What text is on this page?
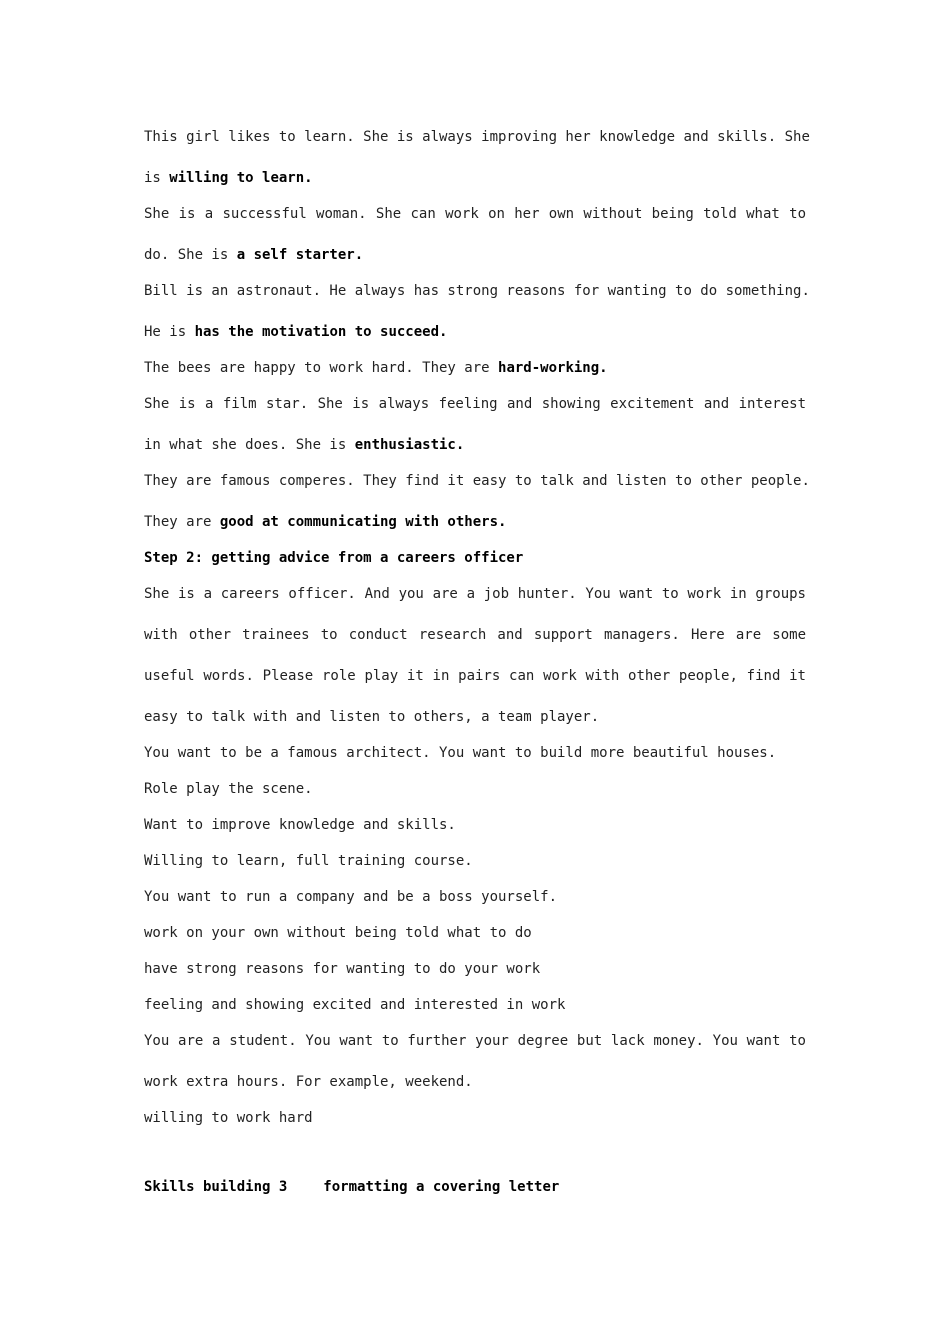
This girl likes to learn. She is always improving her knowledge and skills. She
is willing to learn.
She is a successful woman. She can work on her own without being told what to
do. She is a self starter.
Bill is an astronaut. He always has strong reasons for wanting to do something.
He is has the motivation to succeed.
The bees are happy to work hard. They are hard-working.
She is a film star. She is always feeling and showing excitement and interest
in what she does. She is enthusiastic.
They are famous comperes. They find it easy to talk and listen to other people.
They are good at communicating with others.
Step 2: getting advice from a careers officer
She is a careers officer. And you are a job hunter. You want to work in groups
with other trainees to conduct research and support managers. Here are some
useful words. Please role play it in pairs can work with other people, find it
easy to talk with and listen to others, a team player.
You want to be a famous architect. You want to build more beautiful houses.
Role play the scene.
Want to improve knowledge and skills.
Willing to learn, full training course.
You want to run a company and be a boss yourself.
work on your own without being told what to do
have strong reasons for wanting to do your work
feeling and showing excited and interested in work
You are a student. You want to further your degree but lack money. You want to
work extra hours. For example, weekend.
willing to work hard
Skills building 3	formatting a covering letter
